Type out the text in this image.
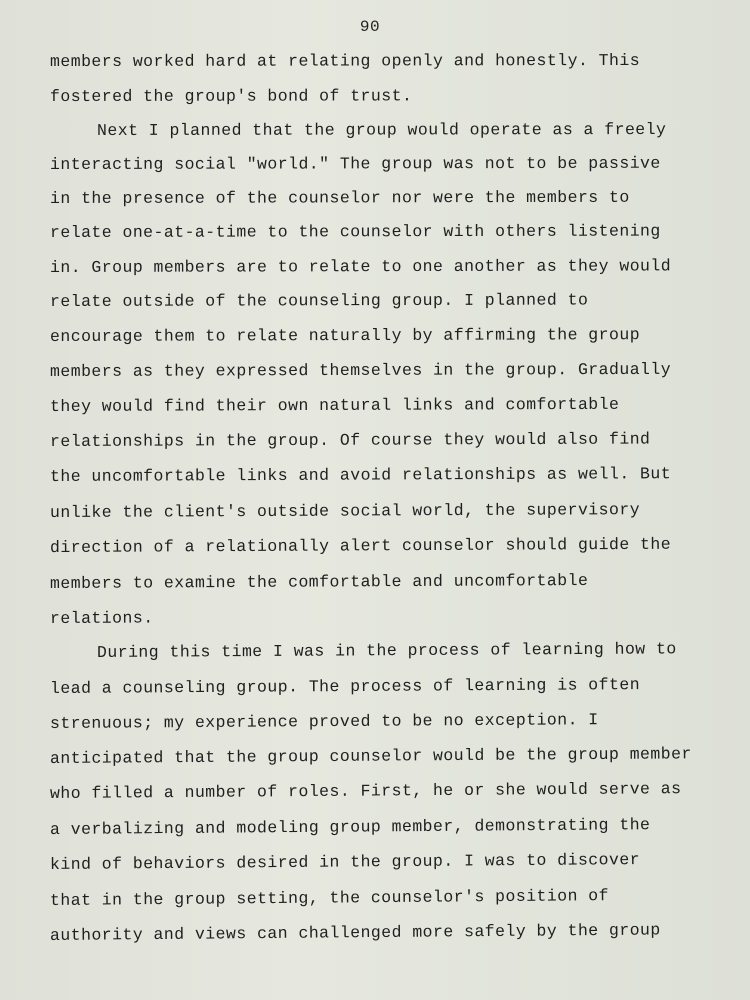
90
members worked hard at relating openly and honestly. This
fostered the group's bond of trust.
Next I planned that the group would operate as a freely
interacting social "world." The group was not to be passive
in the presence of the counselor nor were the members to
relate one-at-a-time to the counselor with others listening
in. Group members are to relate to one another as they would
relate outside of the counseling group. I planned to
encourage them to relate naturally by affirming the group
members as they expressed themselves in the group. Gradually
they would find their own natural links and comfortable
relationships in the group. Of course they would also find
the uncomfortable links and avoid relationships as well. But
unlike the client's outside social world, the supervisory
direction of a relationally alert counselor should guide the
members to examine the comfortable and uncomfortable
relations.
During this time I was in the process of learning how to
lead a counseling group. The process of learning is often
strenuous; my experience proved to be no exception. I
anticipated that the group counselor would be the group member
who filled a number of roles. First, he or she would serve as
a verbalizing and modeling group member, demonstrating the
kind of behaviors desired in the group. I was to discover
that in the group setting, the counselor's position of
authority and views can challenged more safely by the group
